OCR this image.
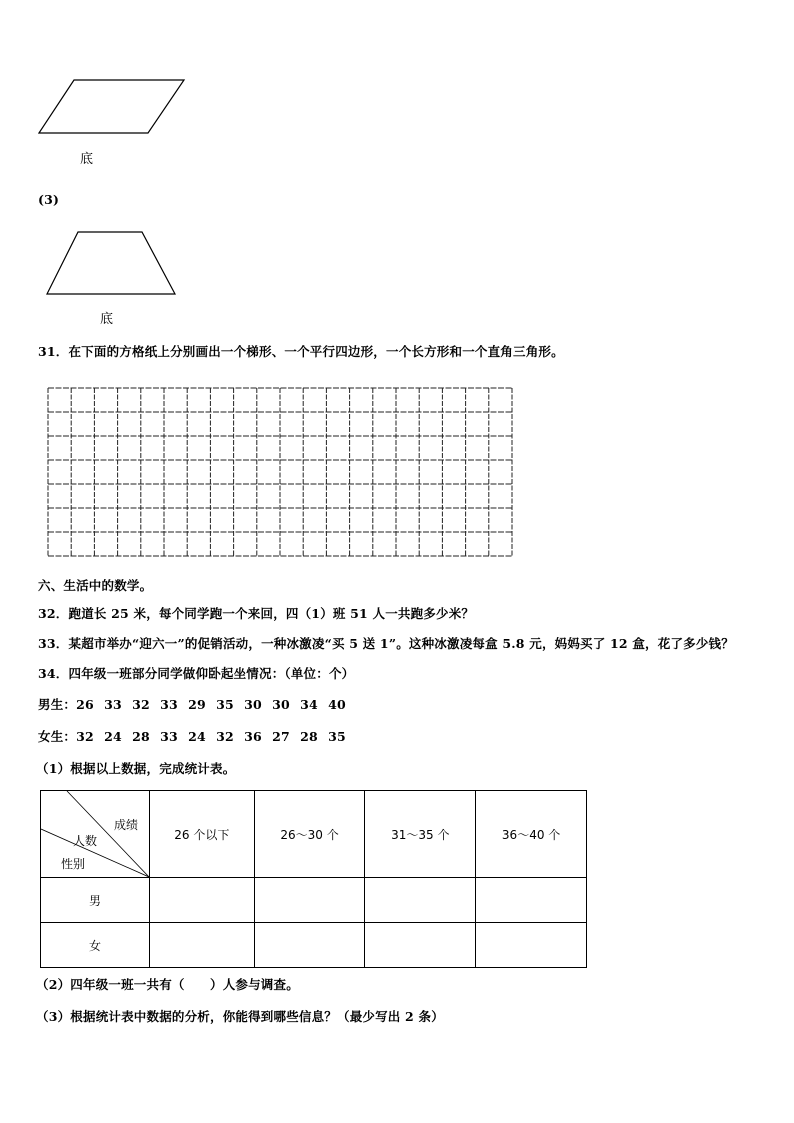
底
(3)
底
31．在下面的方格纸上分别画出一个梯形、一个平行四边形，一个长方形和一个直角三角形。
六、生活中的数学。
32．跑道长 25 米，每个同学跑一个来回，四（1）班 51 人一共跑多少米？
33．某超市举办“迎六一”的促销活动，一种冰激凌“买 5 送 1”。这种冰激凌每盒 5.8 元，妈妈买了 12 盒，花了多少钱？
34．四年级一班部分同学做仰卧起坐情况：（单位：个）
男生：26 33 32 33 29 35 30 30 34 40
女生：32 24 28 33 24 32 36 27 28 35
（1）根据以上数据，完成统计表。
成绩
人数
性别	26 个以下	26～30 个	31～35 个	36～40 个
男				
女				
（2）四年级一班一共有（　　）人参与调查。
（3）根据统计表中数据的分析，你能得到哪些信息？（最少写出 2 条）
